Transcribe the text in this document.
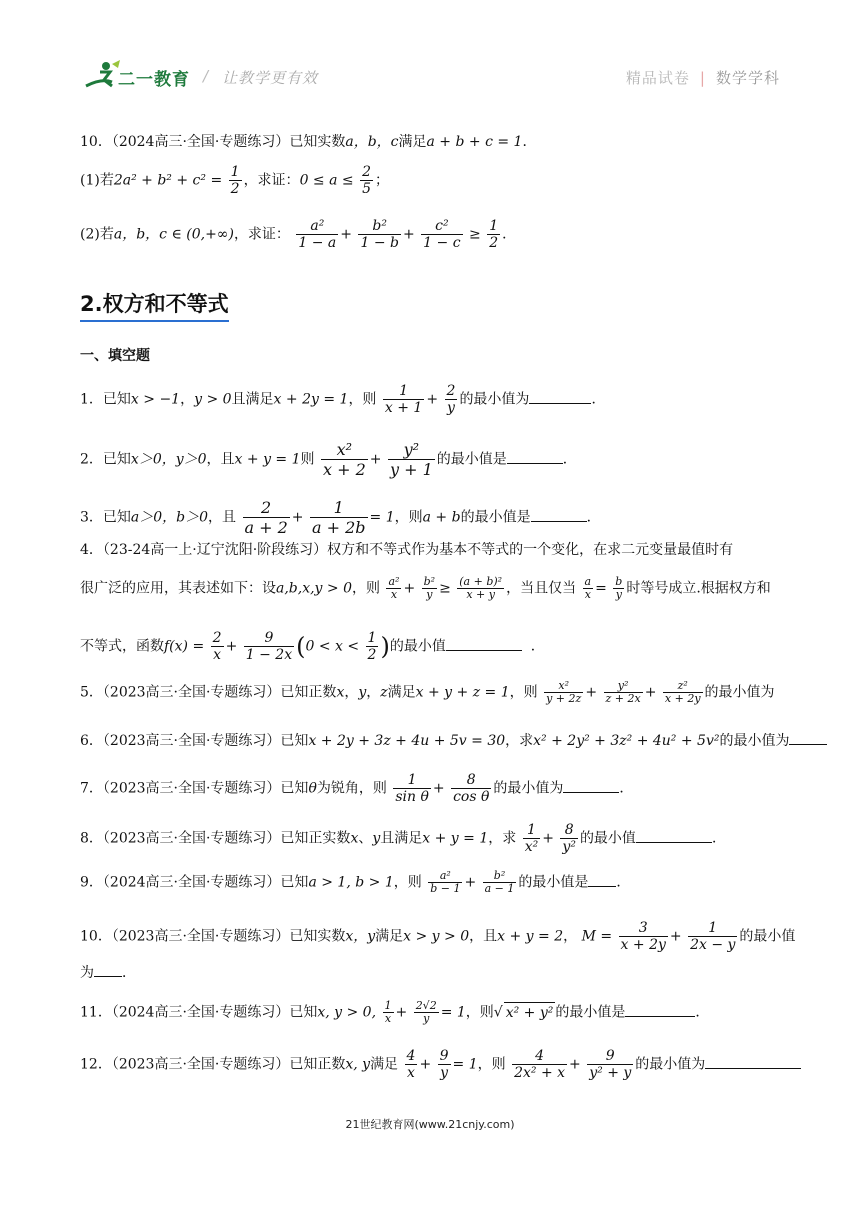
二一教育 / 让教学更有效	精品试卷 | 数学学科
10．（2024高三·全国·专题练习）已知实数a，b，c满足a + b + c = 1．
(1)若$2a^2 + b^2 + c^2 = \frac{1}{2}$ ，求证：$0 \le a \le \frac{2}{5}$ ；
(2)若a，b，c ∈ (0,+∞)，求证： $\frac{\text{a²}}{1 - a} + \frac{\text{b²}}{1 - b} + \frac{\text{c²}}{1 - c} \ge \frac{1}{2}$ ．
2.权方和不等式
一、填空题
1．已知x > −1，y > 0且满足x + 2y = 1，则 $\frac{1}{x + 1} + \frac{2}{y}$ 的最小值为	．
2．已知x＞0，y＞0，且x + y = 1则 $\frac{\text{x²}}{x + 2} + \frac{\text{y²}}{y + 1}$ 的最小值是	．
3．已知a＞0，b＞0，且 $\frac{2}{a + 2} + \frac{1}{a + 2b} = 1$，则a + b的最小值是	．
4．（23-24高一上·辽宁沈阳·阶段练习）权方和不等式作为基本不等式的一个变化，在求二元变量最值时有
很广泛的应用，其表述如下：设a,b,x,y > 0，则 $\frac{\text{a²}}{x} + \frac{\text{b²}}{y} \ge \frac{\text{(a + b)²}}{x + y}$ ，当且仅当 $\frac{a}{x} = \frac{b}{y}$ 时等号成立.根据权方和
不等式，函数$f(x) = \frac{2}{x} + \frac{9}{1 - 2x} (0 < x < \frac{1}{2}$ )的最小值	．
5．（2023高三·全国·专题练习）已知正数x，y，z满足x + y + z = 1，则 $\frac{\text{x²}}{y + 2z} + \frac{\text{y²}}{z + 2x} + \frac{\text{z²}}{x + 2y}$ 的最小值为
6．（2023高三·全国·专题练习）已知x + 2y + 3z + 4u + 5v = 30，求x² + 2y² + 3z² + 4u² + 5v²的最小值为
7．（2023高三·全国·专题练习）已知θ为锐角，则 $\frac{1}{\text{sin θ}} + \frac{8}{\text{cos θ}}$ 的最小值为	．
8．（2023高三·全国·专题练习）已知正实数x、y且满足x + y = 1，求 $\frac{1}{\text{x²}} + \frac{8}{\text{y²}}$ 的最小值	．
9．（2024高三·全国·专题练习）已知a > 1, b > 1，则 $\frac{\text{a²}}{b - 1} + \frac{\text{b²}}{a - 1}$ 的最小值是 ．
10．（2023高三·全国·专题练习）已知实数x，y满足x > y > 0，且x + y = 2， $M = \frac{3}{x + 2y} + \frac{1}{2x - y}$ 的最小值
为 ．
11．（2024高三·全国·专题练习）已知x, y > 0, $\frac{1}{x} + \frac{2√2}{y} = 1$，则√ x² + y² 的最小值是	．
12．（2023高三·全国·专题练习）已知正数x, y满足 $\frac{4}{x} + \frac{9}{y} = 1$，则 $\frac{4}{\text{2x² + x}} + \frac{9}{\text{y² + y}}$ 的最小值为
21世纪教育网(www.21cnjy.com)
